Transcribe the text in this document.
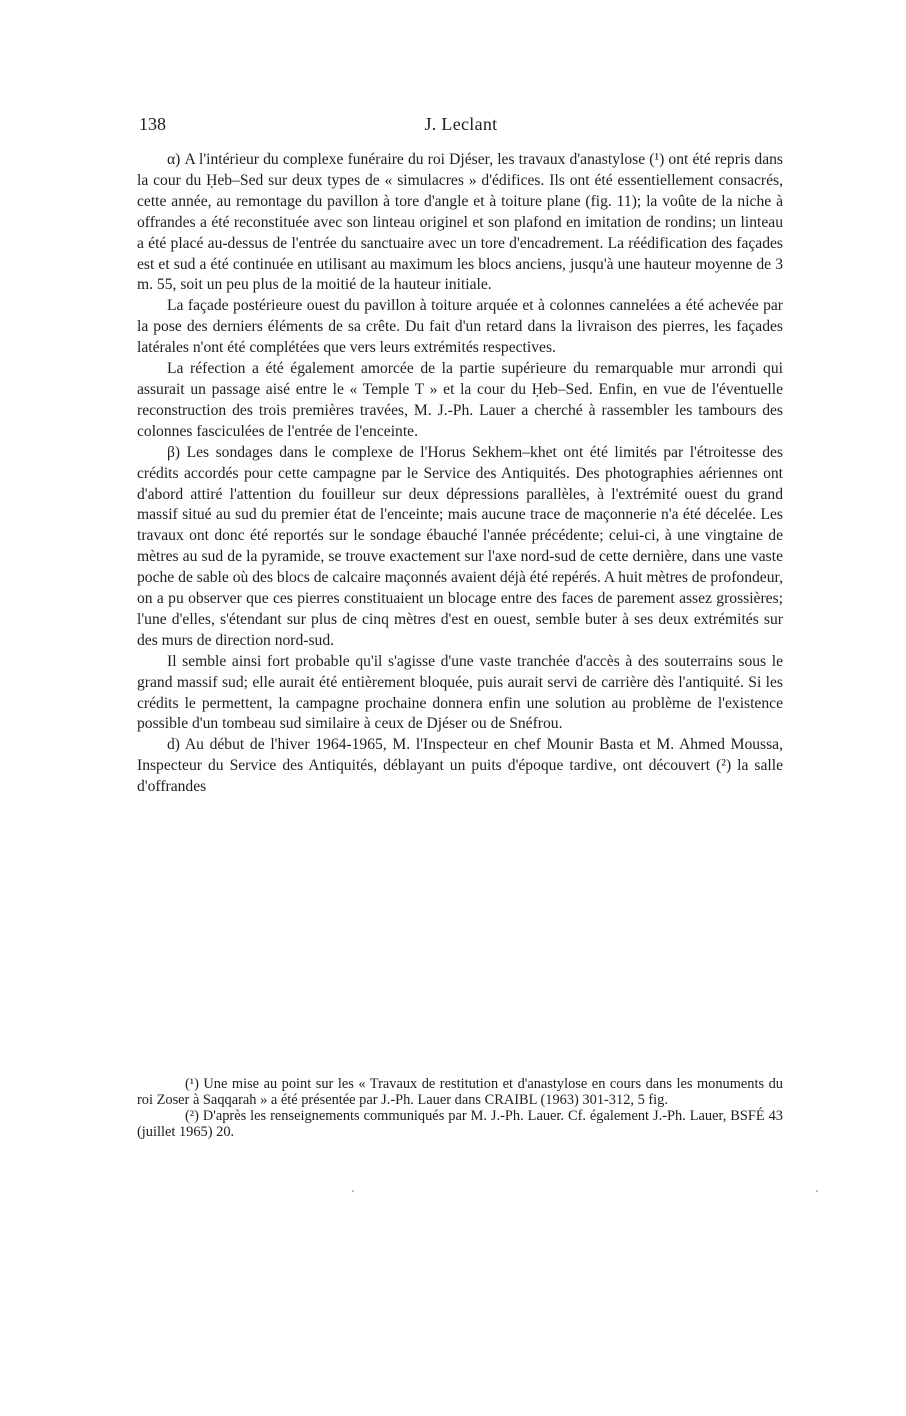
138	J. Leclant

α) A l'intérieur du complexe funéraire du roi Djéser, les travaux d'anastylose (¹) ont été repris dans la cour du Ḥeb–Sed sur deux types de « simulacres » d'édifices. Ils ont été essentiellement consacrés, cette année, au remontage du pavillon à tore d'angle et à toiture plane (fig. 11); la voûte de la niche à offrandes a été reconstituée avec son linteau originel et son plafond en imitation de rondins; un linteau a été placé au-dessus de l'entrée du sanctuaire avec un tore d'encadrement. La réédification des façades est et sud a été continuée en utilisant au maximum les blocs anciens, jusqu'à une hauteur moyenne de 3 m. 55, soit un peu plus de la moitié de la hauteur initiale.

La façade postérieure ouest du pavillon à toiture arquée et à colonnes cannelées a été achevée par la pose des derniers éléments de sa crête. Du fait d'un retard dans la livraison des pierres, les façades latérales n'ont été complétées que vers leurs extrémités respectives.

La réfection a été également amorcée de la partie supérieure du remarquable mur arrondi qui assurait un passage aisé entre le « Temple T » et la cour du Ḥeb–Sed. Enfin, en vue de l'éventuelle reconstruction des trois premières travées, M. J.-Ph. Lauer a cherché à rassembler les tambours des colonnes fasciculées de l'entrée de l'enceinte.

β) Les sondages dans le complexe de l'Horus Sekhem–khet ont été limités par l'étroitesse des crédits accordés pour cette campagne par le Service des Antiquités. Des photographies aériennes ont d'abord attiré l'attention du fouilleur sur deux dépressions parallèles, à l'extrémité ouest du grand massif situé au sud du premier état de l'enceinte; mais aucune trace de maçonnerie n'a été décelée. Les travaux ont donc été reportés sur le sondage ébauché l'année précédente; celui-ci, à une vingtaine de mètres au sud de la pyramide, se trouve exactement sur l'axe nord-sud de cette dernière, dans une vaste poche de sable où des blocs de calcaire maçonnés avaient déjà été repérés. A huit mètres de profondeur, on a pu observer que ces pierres constituaient un blocage entre des faces de parement assez grossières; l'une d'elles, s'étendant sur plus de cinq mètres d'est en ouest, semble buter à ses deux extrémités sur des murs de direction nord-sud.

Il semble ainsi fort probable qu'il s'agisse d'une vaste tranchée d'accès à des souterrains sous le grand massif sud; elle aurait été entièrement bloquée, puis aurait servi de carrière dès l'antiquité. Si les crédits le permettent, la campagne prochaine donnera enfin une solution au problème de l'existence possible d'un tombeau sud similaire à ceux de Djéser ou de Snéfrou.

d) Au début de l'hiver 1964-1965, M. l'Inspecteur en chef Mounir Basta et M. Ahmed Moussa, Inspecteur du Service des Antiquités, déblayant un puits d'époque tardive, ont découvert (²) la salle d'offrandes

(¹) Une mise au point sur les « Travaux de restitution et d'anastylose en cours dans les monuments du roi Zoser à Saqqarah » a été présentée par J.-Ph. Lauer dans CRAIBL (1963) 301-312, 5 fig.

(²) D'après les renseignements communiqués par M. J.-Ph. Lauer. Cf. également J.-Ph. Lauer, BSFÉ 43 (juillet 1965) 20.
